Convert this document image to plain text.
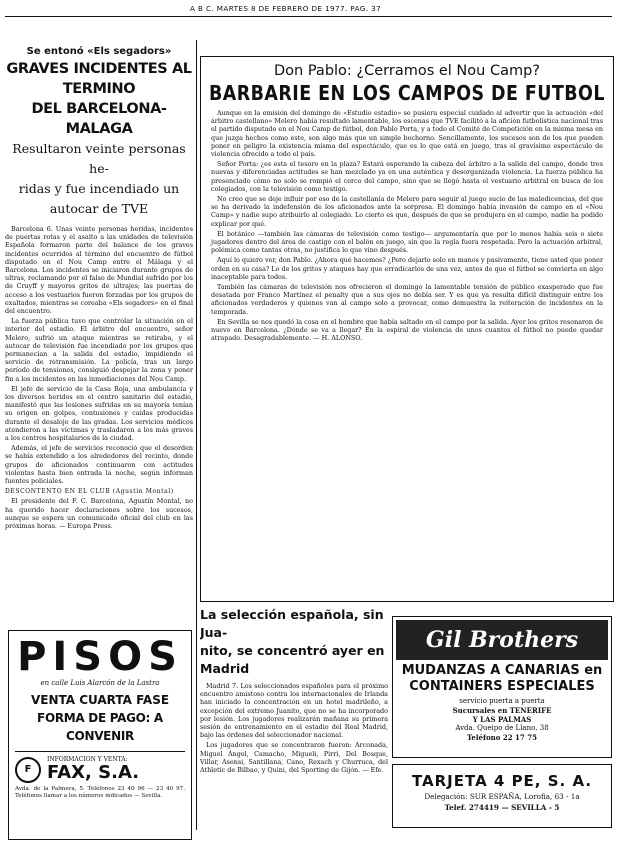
A B C. MARTES 8 DE FEBRERO DE 1977. PAG. 37
Se entonó «Els segadors»
GRAVES INCIDENTES AL TERMINO
DEL BARCELONA-MALAGA
Resultaron veinte personas he-
ridas y fue incendiado un
autocar de TVE

Barcelona 6. Unas veinte personas heridas, incidentes de puertas rotas y el asalto a las unidades de televisión Española formaron parte del balance de los graves incidentes ocurridos al término del encuentro de fútbol disputado en el Nou Camp entre el Málaga y el Barcelona. Los incidentes se iniciaron durante grupos de ultras, reclamando por el falso de Mundial sufrido por los de Cruyff y mayores gritos de ultrajes; las puertas de acceso a los vestuarios fueron forzadas por los grupos de exaltados, mientras se coreaba «Els segadors» en el final del encuentro.

La fuerza pública tuvo que controlar la situación en el interior del estadio. El árbitro del encuentro, señor Melero, sufrió un ataque mientras se retiraba, y el autocar de televisión fue incendiado por los grupos que permanecían a la salida del estadio, impidiendo el servicio de retransmisión. La policía, tras un largo período de tensiones, consiguió despejar la zona y poner fin a los incidentes en las inmediaciones del Nou Camp.

El jefe de servicio de la Casa Roja, una ambulancia y los diversos heridos en el centro sanitario del estadio, manifestó que las lesiones sufridas en su mayoría tenían su origen en golpes, contusiones y caídas producidas durante el desalojo de las gradas. Los servicios médicos atendieron a las víctimas y trasladaron a los más graves a los centros hospitalarios de la ciudad.

Además, el jefe de servicios reconoció que el desorden se había extendido a los alrededores del recinto, donde grupos de aficionados continuaron con actitudes violentas hasta bien entrada la noche, según informan fuentes policiales.

DESCONTENTO EN EL CLUB (Agustín Montal)

El presidente del F. C. Barcelona, Agustín Montal, no ha querido hacer declaraciones sobre los sucesos, aunque se espera un comunicado oficial del club en las próximas horas. — Europa Press.

Don Pablo: ¿Cerramos el Nou Camp?
BARBARIE EN LOS CAMPOS DE FUTBOL

Aunque en la emisión del domingo de «Estudio estadio» se pusiera especial cuidado al advertir que la actuación «del árbitro castellano» Melero había resultado lamentable, los escenas que TVE facilitó a la afición futbolística nacional tras el partido disputado en el Nou Camp de fútbol, don Pablo Porta, y a todo el Comité de Competición en la misma mesa en que juzga hechos como este, son algo más que un simple bochorno. Sencillamente, los sucesos son de los que pueden poner en peligro la existencia misma del espectáculo, que es lo que está en juego, tras el gravísimo espectáculo de violencia ofrecido a todo el país.

Señor Porta: ¿es esta el tesoro en la plaza? Estará esperando la cabeza del árbitro a la salida del campo, donde tres nuevas y diferenciadas actitudes se han mezclado ya en una auténtica y desorganizada violencia. La fuerza pública ha presenciado cómo no solo se rompió el cerco del campo, sino que se llegó hasta el vestuario arbitral en busca de los colegiados, con la televisión como testigo.

No creo que se deje influir por eso de la castellanía de Melero para seguir al juego sucio de las maledicencias, del que se ha derivado la indefensión de los aficionados ante la sorpresa. El domingo había invasión de campo en el «Nou Camp» y nadie supo atribuirlo al colegiado. Lo cierto es que, después de que se produjera en el campo, nadie ha podido explicar por qué.

El botánico —también las cámaras de televisión como testigo— argumentaría que por lo menos había seis o siete jugadores dentro del área de castigo con el balón en juego, sin que la regla fuera respetada. Pero la actuación arbitral, polémica como tantas otras, no justifica lo que vino después.

Aquí lo quiero ver, don Pablo. ¿Ahora qué hacemos? ¿Pero dejarlo solo en manos y pasivamente, tiene usted que poner orden en su casa? Lo de los gritos y ataques hay que erradicarlos de una vez, antes de que el fútbol se convierta en algo inaceptable para todos.

También las cámaras de televisión nos ofrecieron el domingo la lamentable tensión de público exasperado que fue desatada por Franco Martínez el penalty que a sus ojos no debía ser. Y es que ya resulta difícil distinguir entre los aficionados verdaderos y quienes van al campo solo a provocar, como demuestra la reiteración de incidentes en la temporada.

En Sevilla se nos quedó la cosa en el hombre que había saltado en el campo por la salida. Ayer los gritos resonaron de nuevo en Barcelona. ¿Dónde se va a llegar? En la espiral de violencia de unos cuantos el fútbol no puede quedar atrapado. Desagradablemente. — H. ALONSO.

La selección española, sin Jua-
nito, se concentró ayer en Madrid

Madrid 7. Los seleccionados españoles para el próximo encuentro amistoso contra los internacionales de Irlanda han iniciado la concentración en un hotel madrileño, a excepción del extremo Juanito, que no se ha incorporado por lesión. Los jugadores realizarán mañana su primera sesión de entrenamiento en el estadio del Real Madrid, bajo las órdenes del seleccionador nacional.

Los jugadores que se concentraron fueron: Arconada, Miguel Ángel, Camacho, Migueli, Pirri, Del Bosque, Villar, Asensi, Santillana, Cano, Rexach y Churruca, del Athletic de Bilbao, y Quini, del Sporting de Gijón. — Efe.

PISOS
en calle Luis Alarcón de la Lastra
VENTA CUARTA FASE
FORMA DE PAGO: A CONVENIR
F
INFORMACION Y VENTA:
FAX, S.A.
Avda. de la Palmera, 5. Teléfonos 23 40 96 — 23 40 97. Teléfonos llamar a los números indicados — Sevilla.
Gil Brothers
MUDANZAS A CANARIAS en
CONTAINERS ESPECIALES
servicio puerta a puerta
Sucursales en TENERIFE
Y LAS PALMAS
Avda. Queipo de Llano, 38
Teléfono 22 17 75
TARJETA 4 PE, S. A.
Delegación: SUR ESPAÑA, Lorofia, 63 - 1a
Telef. 274419 — SEVILLA - 5
